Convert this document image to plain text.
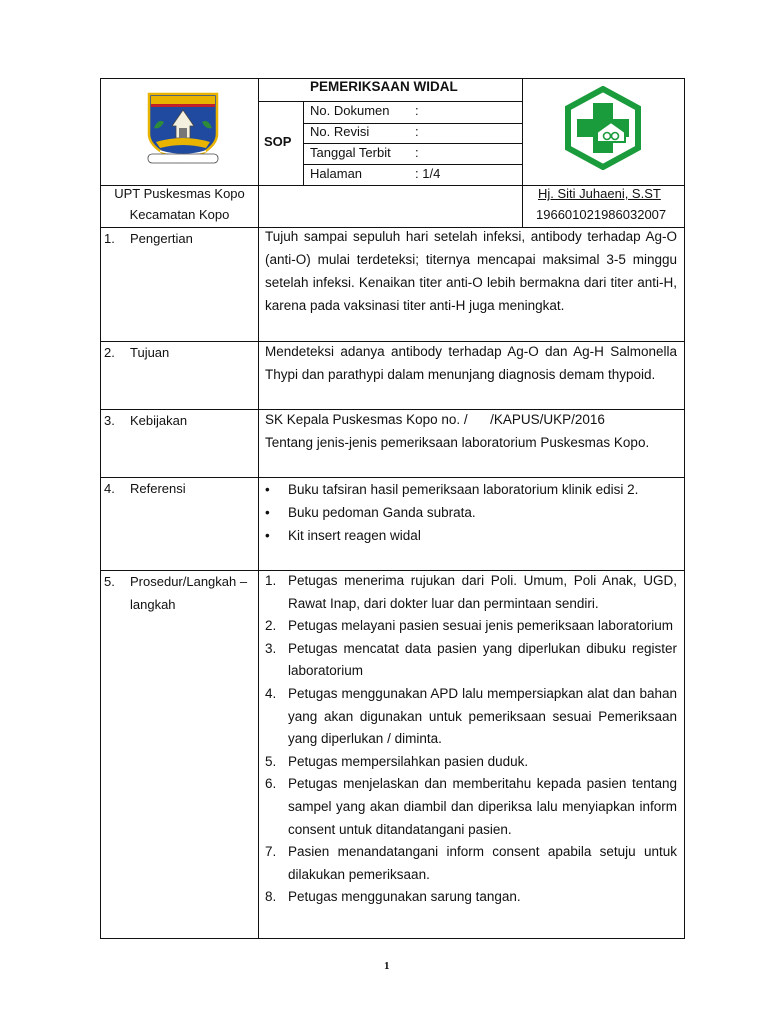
PEMERIKSAAN WIDAL
SOP
No. Dokumen :
No. Revisi	:
Tanggal Terbit :
Halaman	: 1/4
UPT Puskesmas Kopo
Kecamatan Kopo
Hj. Siti Juhaeni, S.ST
196601021986032007
1. Pengertian	Tujuh sampai sepuluh hari setelah infeksi, antibody terhadap Ag-O (anti-O) mulai terdeteksi; titernya mencapai maksimal 3-5 minggu setelah infeksi. Kenaikan titer anti-O lebih bermakna dari titer anti-H, karena pada vaksinasi titer anti-H juga meningkat.
2. Tujuan	Mendeteksi adanya antibody terhadap Ag-O dan Ag-H Salmonella Thypi dan parathypi dalam menunjang diagnosis demam thypoid.
3. Kebijakan	SK Kepala Puskesmas Kopo no. /      /KAPUS/UKP/2016
Tentang jenis-jenis pemeriksaan laboratorium Puskesmas Kopo.
4. Referensi
•	Buku tafsiran hasil pemeriksaan laboratorium klinik edisi 2.
• Buku pedoman Ganda subrata.
• Kit insert reagen widal
5. Prosedur/Langkah – langkah
1. Petugas menerima rujukan dari Poli. Umum, Poli Anak, UGD, Rawat Inap, dari dokter luar dan permintaan sendiri.
2. Petugas melayani pasien sesuai jenis pemeriksaan laboratorium
3. Petugas mencatat data pasien yang diperlukan dibuku register laboratorium
4. Petugas menggunakan APD lalu mempersiapkan alat dan bahan yang akan digunakan untuk pemeriksaan sesuai Pemeriksaan yang diperlukan / diminta.
5. Petugas mempersilahkan pasien duduk.
6. Petugas menjelaskan dan memberitahu kepada pasien tentang sampel yang akan diambil dan diperiksa lalu menyiapkan inform consent untuk ditandatangani pasien.
7. Pasien menandatangani inform consent apabila setuju untuk dilakukan pemeriksaan.
8. Petugas menggunakan sarung tangan.
1
